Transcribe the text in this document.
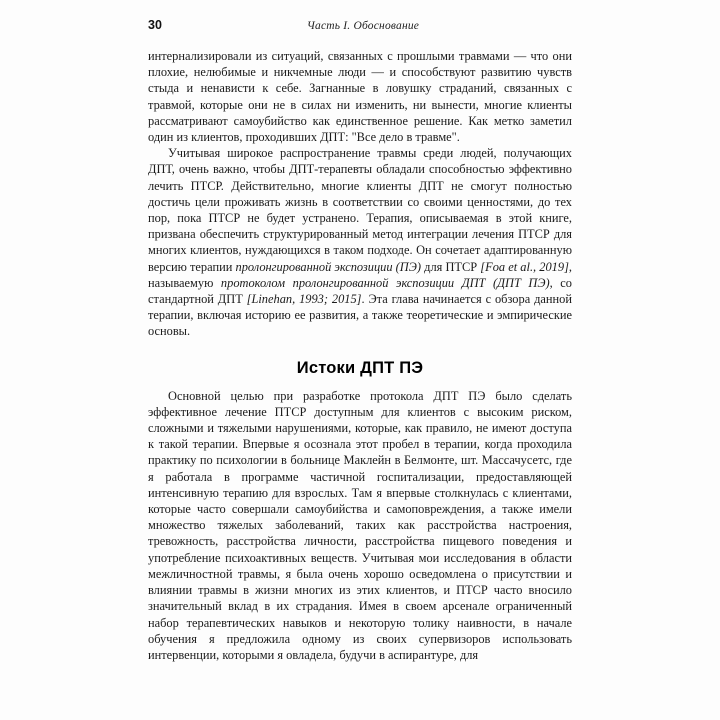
30	Часть I. Обоснование

интернализировали из ситуаций, связанных с прошлыми травмами — что они плохие, нелюбимые и никчемные люди — и способствуют развитию чувств стыда и ненависти к себе. Загнанные в ловушку страданий, связанных с травмой, которые они не в силах ни изменить, ни вынести, многие клиенты рассматривают самоубийство как единственное решение. Как метко заметил один из клиентов, проходивших ДПТ: "Все дело в травме".

Учитывая широкое распространение травмы среди людей, получающих ДПТ, очень важно, чтобы ДПТ-терапевты обладали способностью эффективно лечить ПТСР. Действительно, многие клиенты ДПТ не смогут полностью достичь цели проживать жизнь в соответствии со своими ценностями, до тех пор, пока ПТСР не будет устранено. Терапия, описываемая в этой книге, призвана обеспечить структурированный метод интеграции лечения ПТСР для многих клиентов, нуждающихся в таком подходе. Он сочетает адаптированную версию терапии пролонгированной экспозиции (ПЭ) для ПТСР [Foa et al., 2019], называемую протоколом пролонгированной экспозиции ДПТ (ДПТ ПЭ), со стандартной ДПТ [Linehan, 1993; 2015]. Эта глава начинается с обзора данной терапии, включая историю ее развития, а также теоретические и эмпирические основы.

Истоки ДПТ ПЭ

Основной целью при разработке протокола ДПТ ПЭ было сделать эффективное лечение ПТСР доступным для клиентов с высоким риском, сложными и тяжелыми нарушениями, которые, как правило, не имеют доступа к такой терапии. Впервые я осознала этот пробел в терапии, когда проходила практику по психологии в больнице Маклейн в Белмонте, шт. Массачусетс, где я работала в программе частичной госпитализации, предоставляющей интенсивную терапию для взрослых. Там я впервые столкнулась с клиентами, которые часто совершали самоубийства и самоповреждения, а также имели множество тяжелых заболеваний, таких как расстройства настроения, тревожность, расстройства личности, расстройства пищевого поведения и употребление психоактивных веществ. Учитывая мои исследования в области межличностной травмы, я была очень хорошо осведомлена о присутствии и влиянии травмы в жизни многих из этих клиентов, и ПТСР часто вносило значительный вклад в их страдания. Имея в своем арсенале ограниченный набор терапевтических навыков и некоторую толику наивности, в начале обучения я предложила одному из своих супервизоров использовать интервенции, которыми я овладела, будучи в аспирантуре, для
